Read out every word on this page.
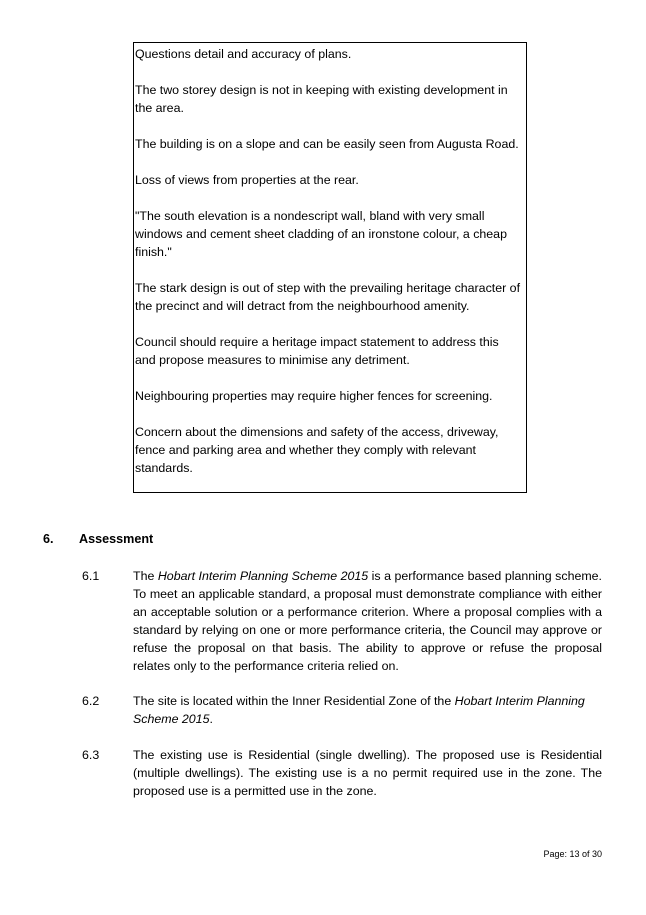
Questions detail and accuracy of plans.

The two storey design is not in keeping with existing development in the area.

The building is on a slope and can be easily seen from Augusta Road.

Loss of views from properties at the rear.

"The south elevation is a nondescript wall, bland with very small windows and cement sheet cladding of an ironstone colour, a cheap finish."

The stark design is out of step with the prevailing heritage character of the precinct and will detract from the neighbourhood amenity.

Council should require a heritage impact statement to address this and propose measures to minimise any detriment.

Neighbouring properties may require higher fences for screening.

Concern about the dimensions and safety of the access, driveway, fence and parking area and whether they comply with relevant standards.

6. Assessment
6.1	The Hobart Interim Planning Scheme 2015 is a performance based planning scheme. To meet an applicable standard, a proposal must demonstrate compliance with either an acceptable solution or a performance criterion. Where a proposal complies with a standard by relying on one or more performance criteria, the Council may approve or refuse the proposal on that basis. The ability to approve or refuse the proposal relates only to the performance criteria relied on.
6.2	The site is located within the Inner Residential Zone of the Hobart Interim Planning Scheme 2015.
6.3	The existing use is Residential (single dwelling). The proposed use is Residential (multiple dwellings). The existing use is a no permit required use in the zone. The proposed use is a permitted use in the zone.
Page: 13 of 30
